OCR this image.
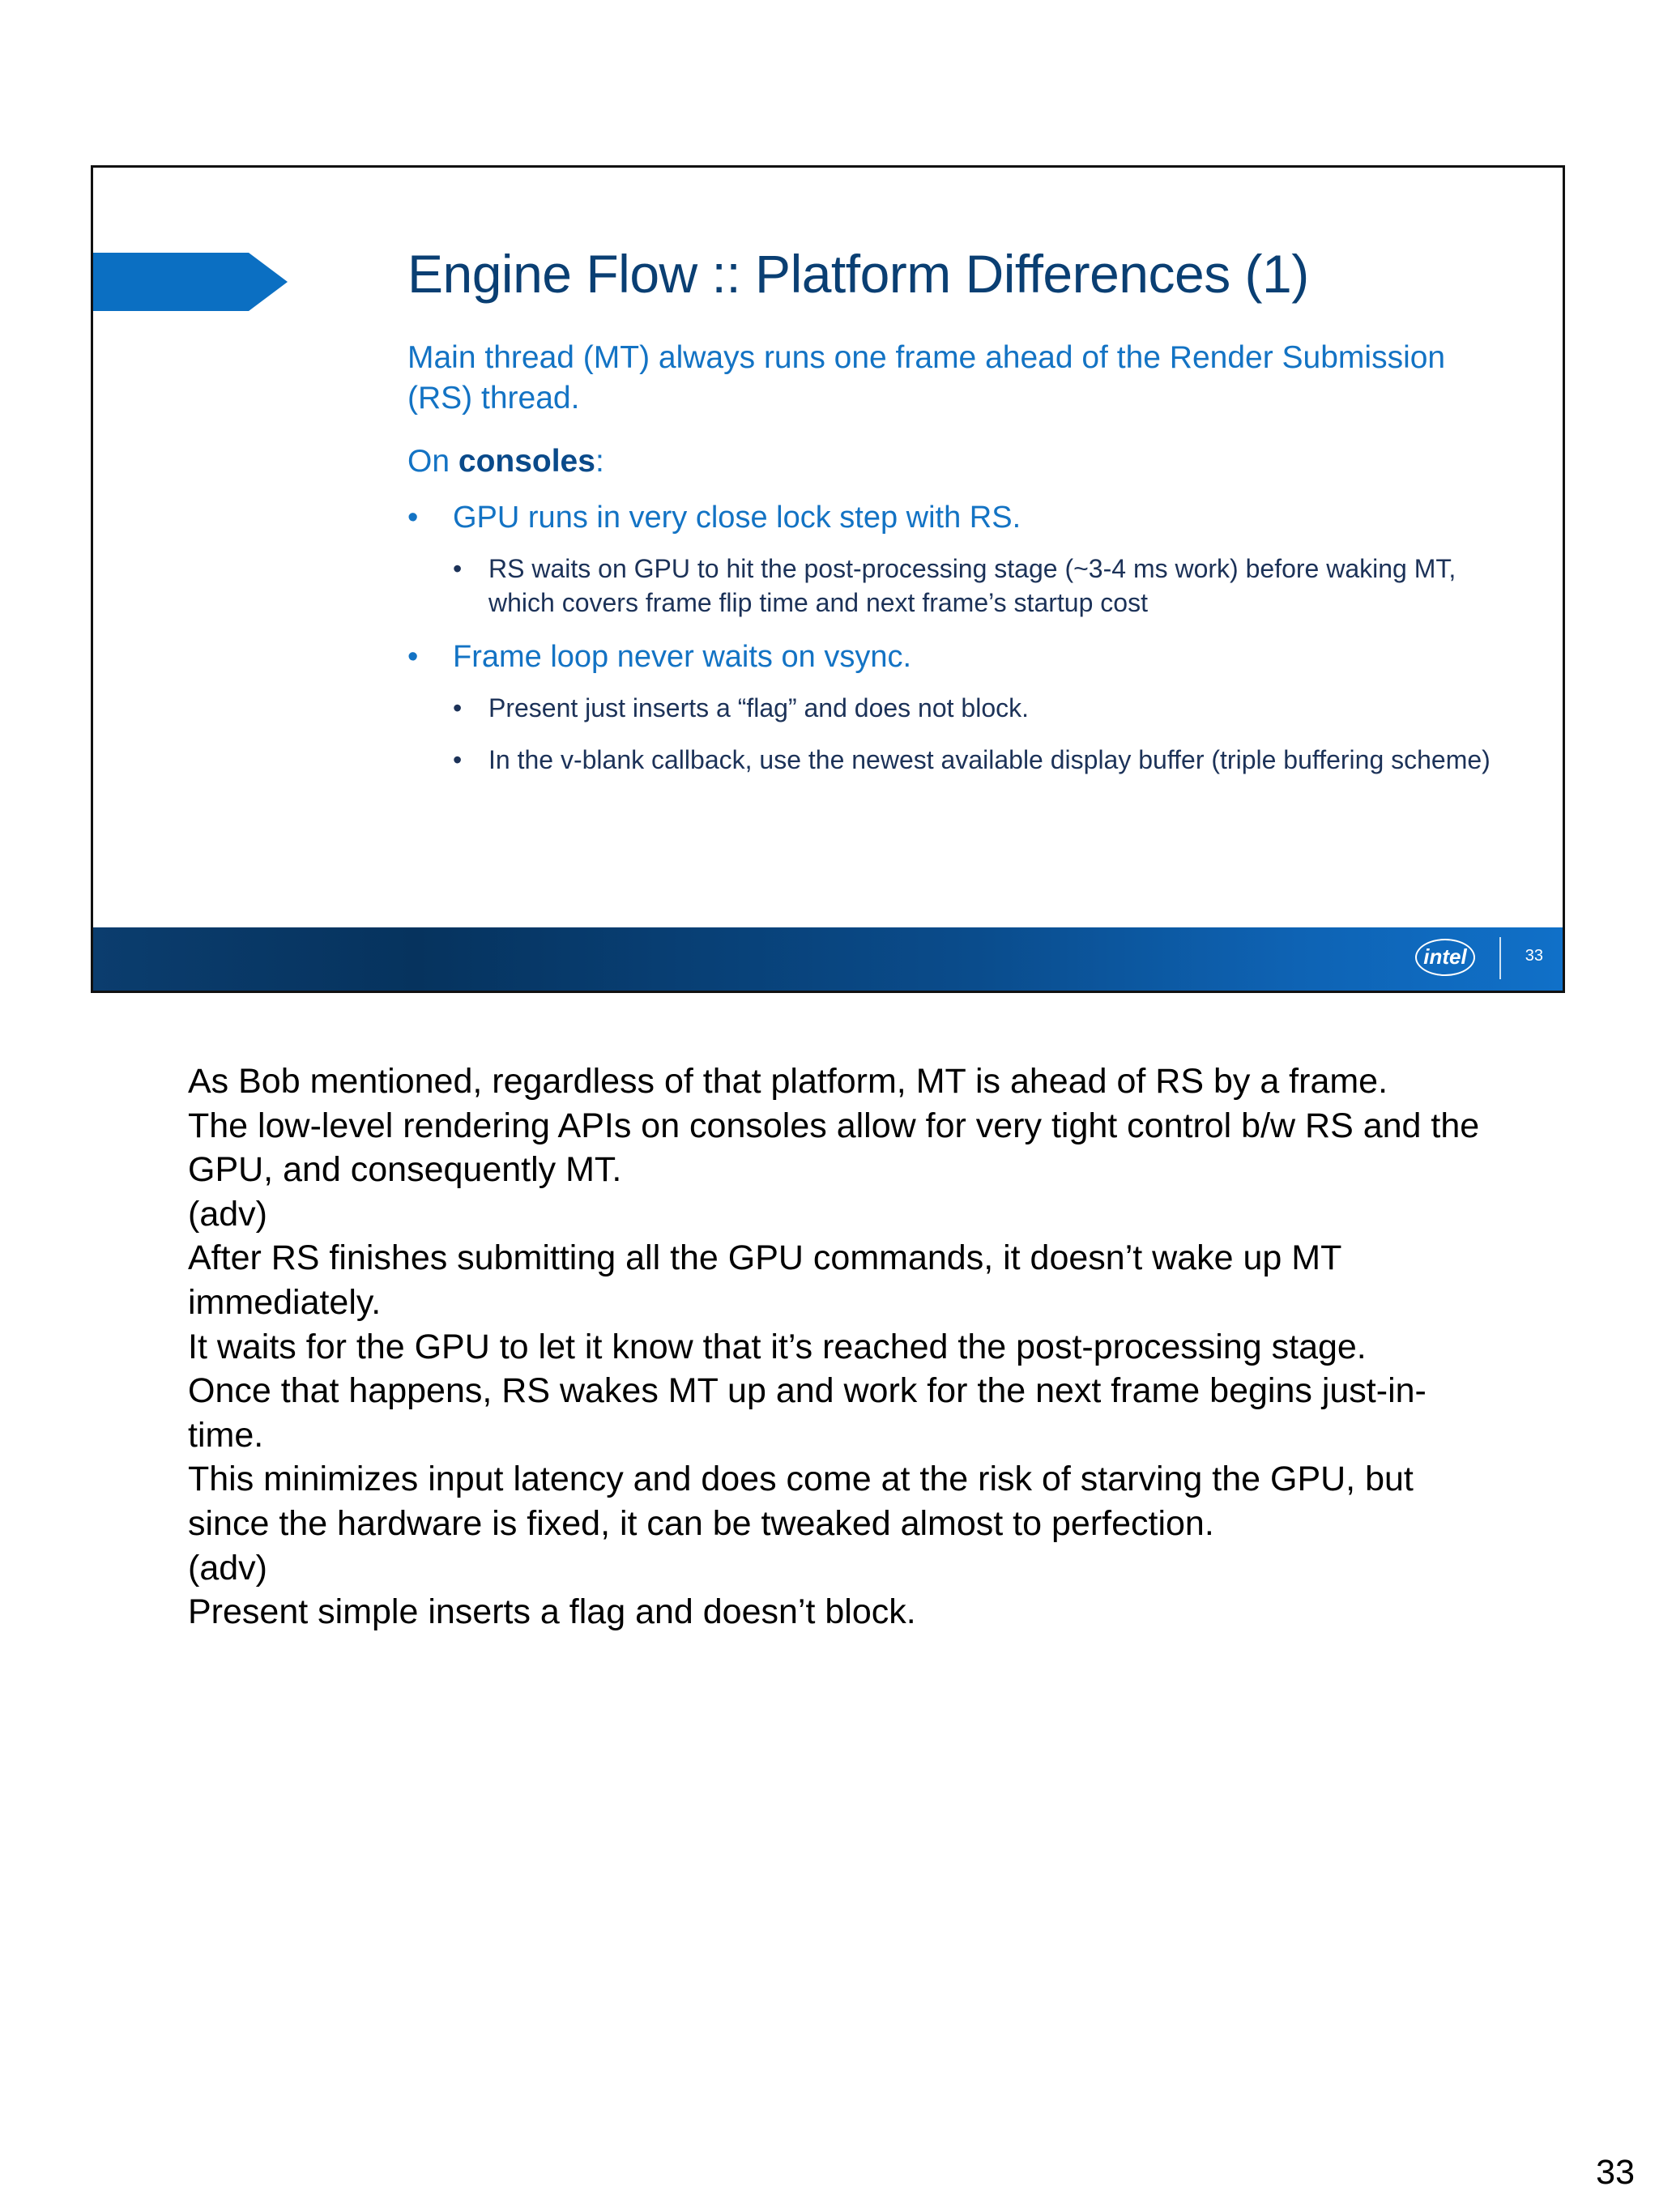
Engine Flow :: Platform Differences (1)

Main thread (MT) always runs one frame ahead of the Render Submission (RS) thread.

On consoles:

• GPU runs in very close lock step with RS.
• RS waits on GPU to hit the post-processing stage (~3-4 ms work) before waking MT, which covers frame flip time and next frame’s startup cost
• Frame loop never waits on vsync.
• Present just inserts a “flag” and does not block.
• In the v-blank callback, use the newest available display buffer (triple buffering scheme)
intel	33

As Bob mentioned, regardless of that platform, MT is ahead of RS by a frame.

The low-level rendering APIs on consoles allow for very tight control b/w RS and the GPU, and consequently MT.

(adv)

After RS finishes submitting all the GPU commands, it doesn’t wake up MT immediately.

It waits for the GPU to let it know that it’s reached the post-processing stage.

Once that happens, RS wakes MT up and work for the next frame begins just-in-time.

This minimizes input latency and does come at the risk of starving the GPU, but since the hardware is fixed, it can be tweaked almost to perfection.

(adv)

Present simple inserts a flag and doesn’t block.

33
